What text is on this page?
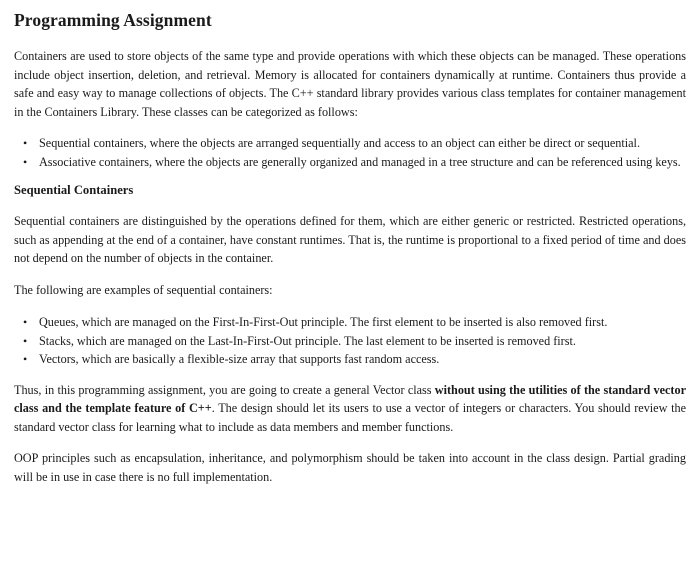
Programming Assignment

Containers are used to store objects of the same type and provide operations with which these objects can be managed. These operations include object insertion, deletion, and retrieval. Memory is allocated for containers dynamically at runtime. Containers thus provide a safe and easy way to manage collections of objects. The C++ standard library provides various class templates for container management in the Containers Library. These classes can be categorized as follows:

• Sequential containers, where the objects are arranged sequentially and access to an object can either be direct or sequential.
• Associative containers, where the objects are generally organized and managed in a tree structure and can be referenced using keys.
Sequential Containers

Sequential containers are distinguished by the operations defined for them, which are either generic or restricted. Restricted operations, such as appending at the end of a container, have constant runtimes. That is, the runtime is proportional to a fixed period of time and does not depend on the number of objects in the container.

The following are examples of sequential containers:

• Queues, which are managed on the First-In-First-Out principle. The first element to be inserted is also removed first.
• Stacks, which are managed on the Last-In-First-Out principle. The last element to be inserted is removed first.
• Vectors, which are basically a flexible-size array that supports fast random access.

Thus, in this programming assignment, you are going to create a general Vector class without using the utilities of the standard vector class and the template feature of C++. The design should let its users to use a vector of integers or characters. You should review the standard vector class for learning what to include as data members and member functions.

OOP principles such as encapsulation, inheritance, and polymorphism should be taken into account in the class design. Partial grading will be in use in case there is no full implementation.
